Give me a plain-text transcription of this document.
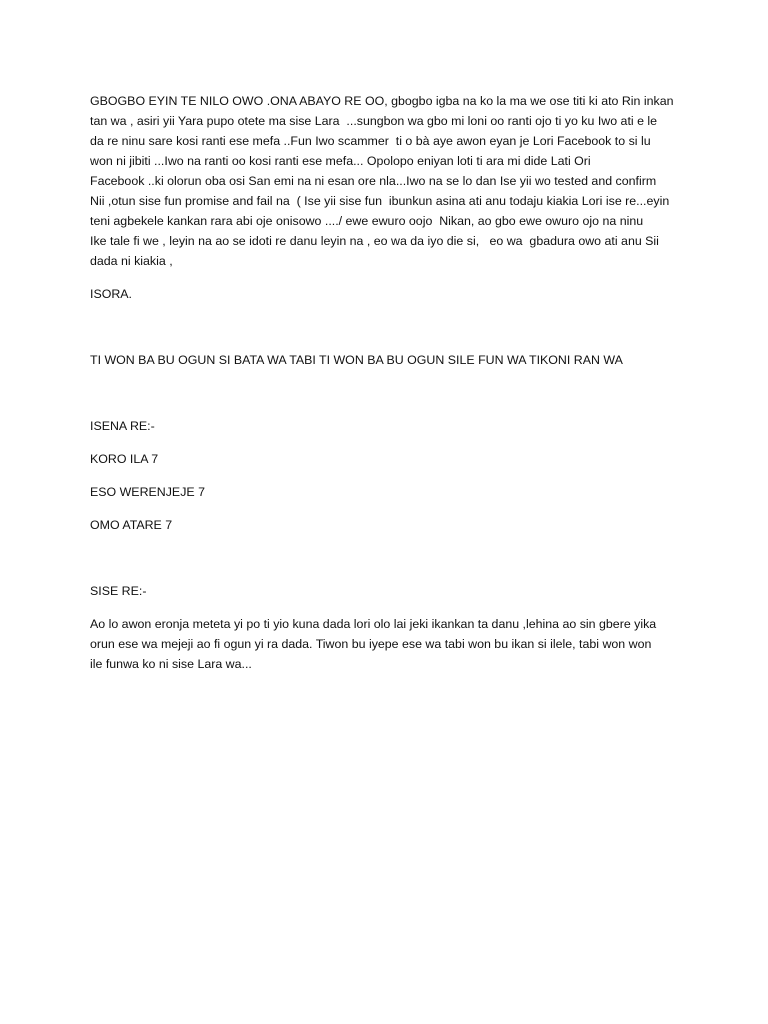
GBOGBO EYIN TE NILO OWO .ONA ABAYO RE OO, gbogbo igba na ko la ma we ose titi ki ato Rin inkan
tan wa , asiri yii Yara pupo otete ma sise Lara  ...sungbon wa gbo mi loni oo ranti ojo ti yo ku Iwo ati e le
da re ninu sare kosi ranti ese mefa ..Fun Iwo scammer  ti o bà aye awon eyan je Lori Facebook to si lu
won ni jibiti ...Iwo na ranti oo kosi ranti ese mefa... Opolopo eniyan loti ti ara mi dide Lati Ori
Facebook ..ki olorun oba osi San emi na ni esan ore nla...Iwo na se lo dan Ise yii wo tested and confirm
Nii ,otun sise fun promise and fail na  ( Ise yii sise fun  ibunkun asina ati anu todaju kiakia Lori ise re...eyin
teni agbekele kankan rara abi oje onisowo ..../ ewe ewuro oojo  Nikan, ao gbo ewe owuro ojo na ninu
Ike tale fi we , leyin na ao se idoti re danu leyin na , eo wa da iyo die si,   eo wa  gbadura owo ati anu Sii
dada ni kiakia ,

ISORA.

TI WON BA BU OGUN SI BATA WA TABI TI WON BA BU OGUN SILE FUN WA TIKONI RAN WA

ISENA RE:-

KORO ILA 7

ESO WERENJEJE 7

OMO ATARE 7

SISE RE:-

Ao lo awon eronja meteta yi po ti yio kuna dada lori olo lai jeki ikankan ta danu ,lehina ao sin gbere yika
orun ese wa mejeji ao fi ogun yi ra dada. Tiwon bu iyepe ese wa tabi won bu ikan si ilele, tabi won won
ile funwa ko ni sise Lara wa...
